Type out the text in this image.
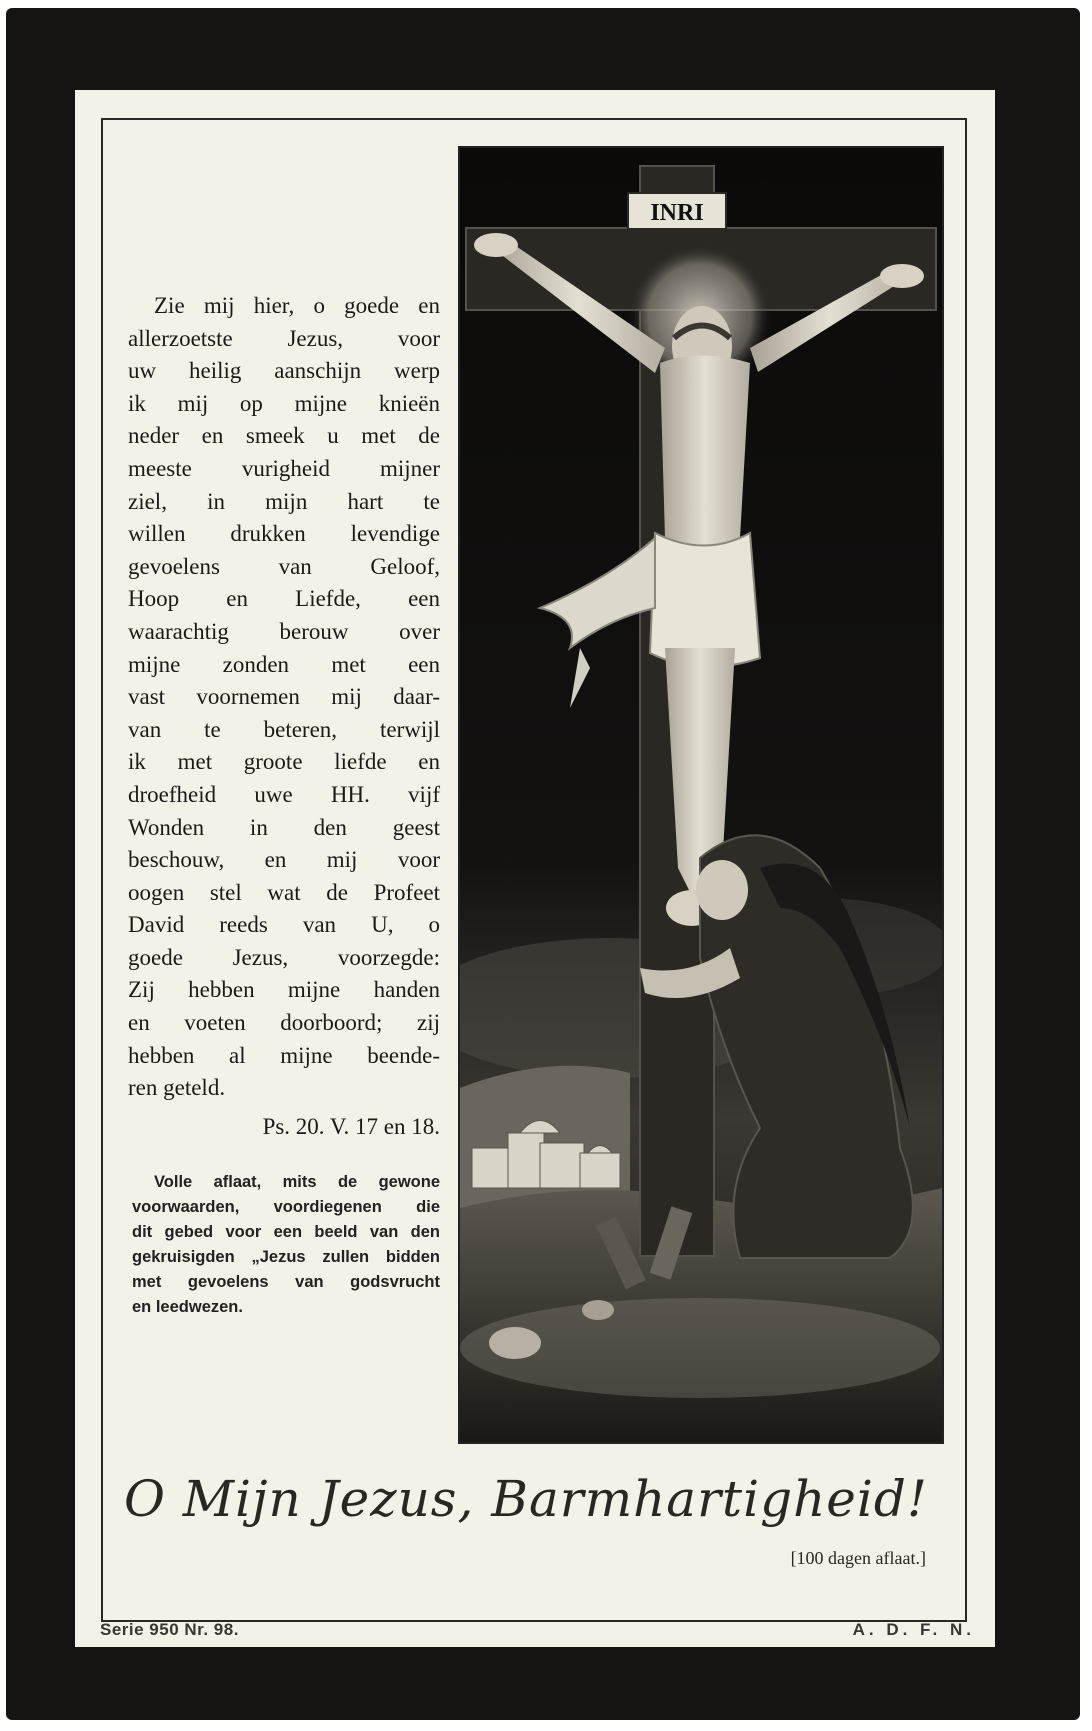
Zie mij hier, o goede en
allerzoetste Jezus, voor
uw heilig aanschijn werp
ik mij op mijne knieën
neder en smeek u met de
meeste vurigheid mijner
ziel, in mijn hart te
willen drukken levendige
gevoelens van Geloof,
Hoop en Liefde, een
waarachtig berouw over
mijne zonden met een
vast voornemen mij daar-
van te beteren, terwijl
ik met groote liefde en
droefheid uwe HH. vijf
Wonden in den geest
beschouw, en mij voor
oogen stel wat de Profeet
David reeds van U, o
goede Jezus, voorzegde:
Zij hebben mijne handen
en voeten doorboord; zij
hebben al mijne beende-
ren geteld.

Ps. 20. V. 17 en 18.

Volle aflaat, mits de gewone
voorwaarden, voordiegenen die
dit gebed voor een beeld van den
gekruisigden „Jezus zullen bidden
met gevoelens van godsvrucht
en leedwezen.
INRI

O Mijn Jezus, Barmhartigheid!

[100 dagen aflaat.]

Serie 950 Nr. 98.	A. D. F. N.
